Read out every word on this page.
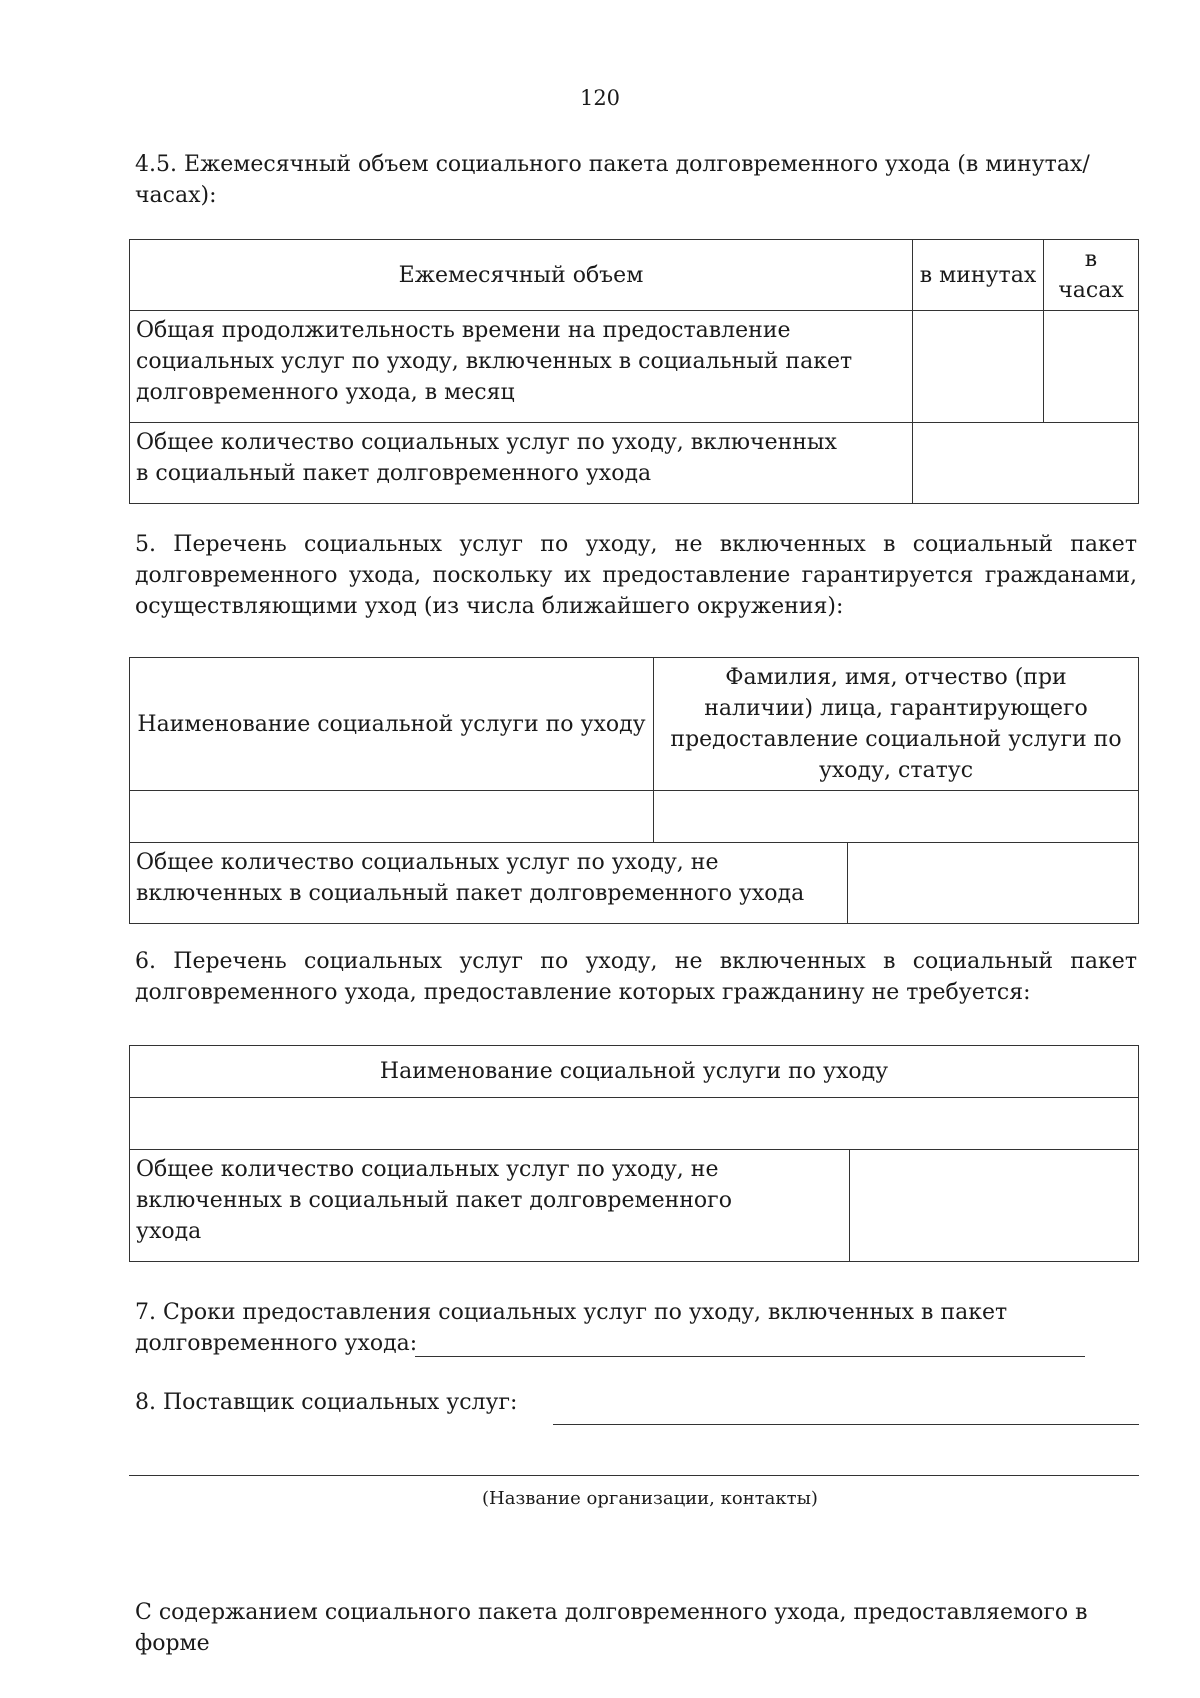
120
4.5. Ежемесячный объем социального пакета долговременного ухода (в минутах/часах):
Ежемесячный объем	в минутах	в часах
Общая продолжительность времени на предоставление социальных услуг по уходу, включенных в социальный пакет долговременного ухода, в месяц		
Общее количество социальных услуг по уходу, включенных в социальный пакет долговременного ухода		
5. Перечень социальных услуг по уходу, не включенных в социальный пакет
долговременного ухода, поскольку их предоставление гарантируется гражданами,
осуществляющими уход (из числа ближайшего окружения):
Наименование социальной услуги по уходу	Фамилия, имя, отчество (при наличии) лица, гарантирующего предоставление социальной услуги по уходу, статус	

Общее количество социальных услуг по уходу, не включенных в социальный пакет долговременного ухода		
6. Перечень социальных услуг по уходу, не включенных в социальный пакет
долговременного ухода, предоставление которых гражданину не требуется:
Наименование социальной услуги по уходу

Общее количество социальных услуг по уходу, не включенных в социальный пакет долговременного ухода	
7. Сроки предоставления социальных услуг по уходу, включенных в пакет
долговременного ухода:
8. Поставщик социальных услуг:
(Название организации, контакты)
С содержанием социального пакета долговременного ухода, предоставляемого в форме
